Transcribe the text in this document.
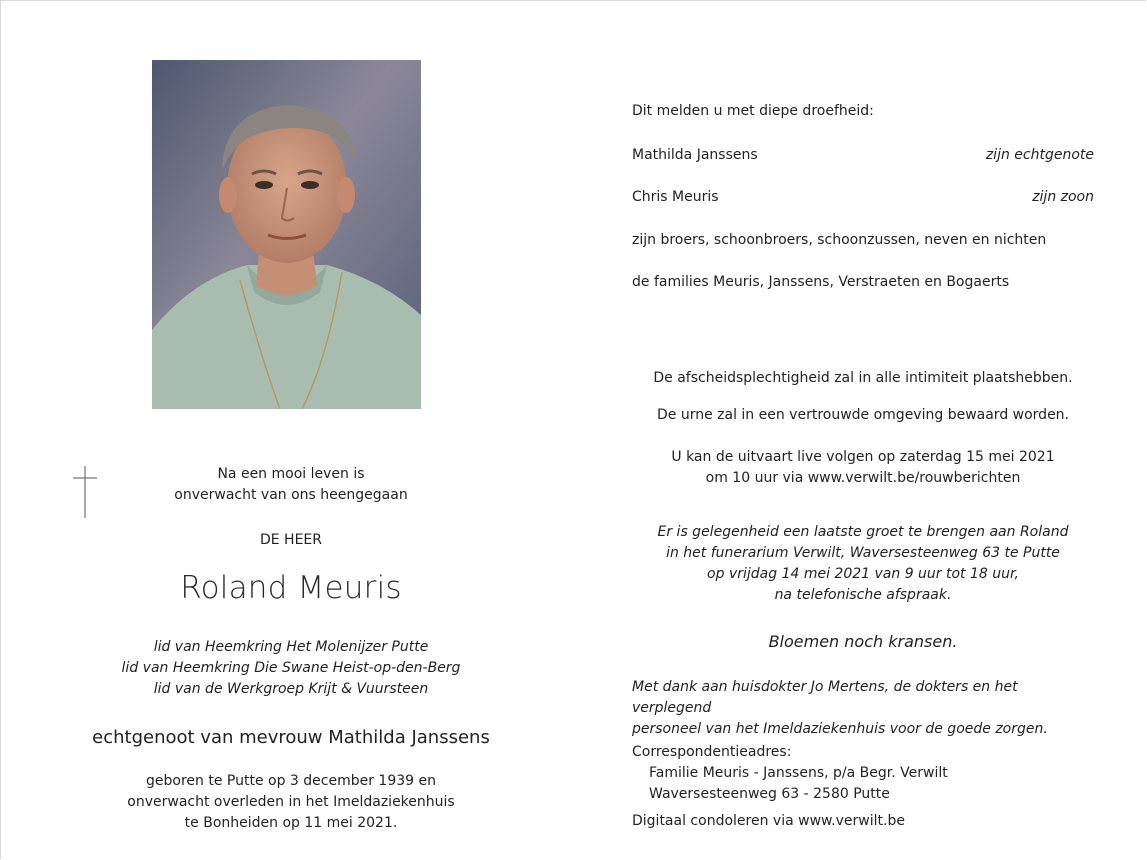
Na een mooi leven is
onverwacht van ons heengegaan
DE HEER
Roland Meuris
lid van Heemkring Het Molenijzer Putte
lid van Heemkring Die Swane Heist-op-den-Berg
lid van de Werkgroep Krijt & Vuursteen
echtgenoot van mevrouw Mathilda Janssens
geboren te Putte op 3 december 1939 en
onverwacht overleden in het Imeldaziekenhuis
te Bonheiden op 11 mei 2021.
Dit melden u met diepe droefheid:
Mathilda Janssens	zijn echtgenote
Chris Meuris	zijn zoon
zijn broers, schoonbroers, schoonzussen, neven en nichten
de families Meuris, Janssens, Verstraeten en Bogaerts
De afscheidsplechtigheid zal in alle intimiteit plaatshebben.
De urne zal in een vertrouwde omgeving bewaard worden.
U kan de uitvaart live volgen op zaterdag 15 mei 2021
om 10 uur via www.verwilt.be/rouwberichten
Er is gelegenheid een laatste groet te brengen aan Roland
in het funerarium Verwilt, Waversesteenweg 63 te Putte
op vrijdag 14 mei 2021 van 9 uur tot 18 uur,
na telefonische afspraak.
Bloemen noch kransen.
Met dank aan huisdokter Jo Mertens, de dokters en het verplegend
personeel van het Imeldaziekenhuis voor de goede zorgen.
Correspondentieadres:
Familie Meuris - Janssens, p/a Begr. Verwilt
Waversesteenweg 63 - 2580 Putte
Digitaal condoleren via www.verwilt.be
